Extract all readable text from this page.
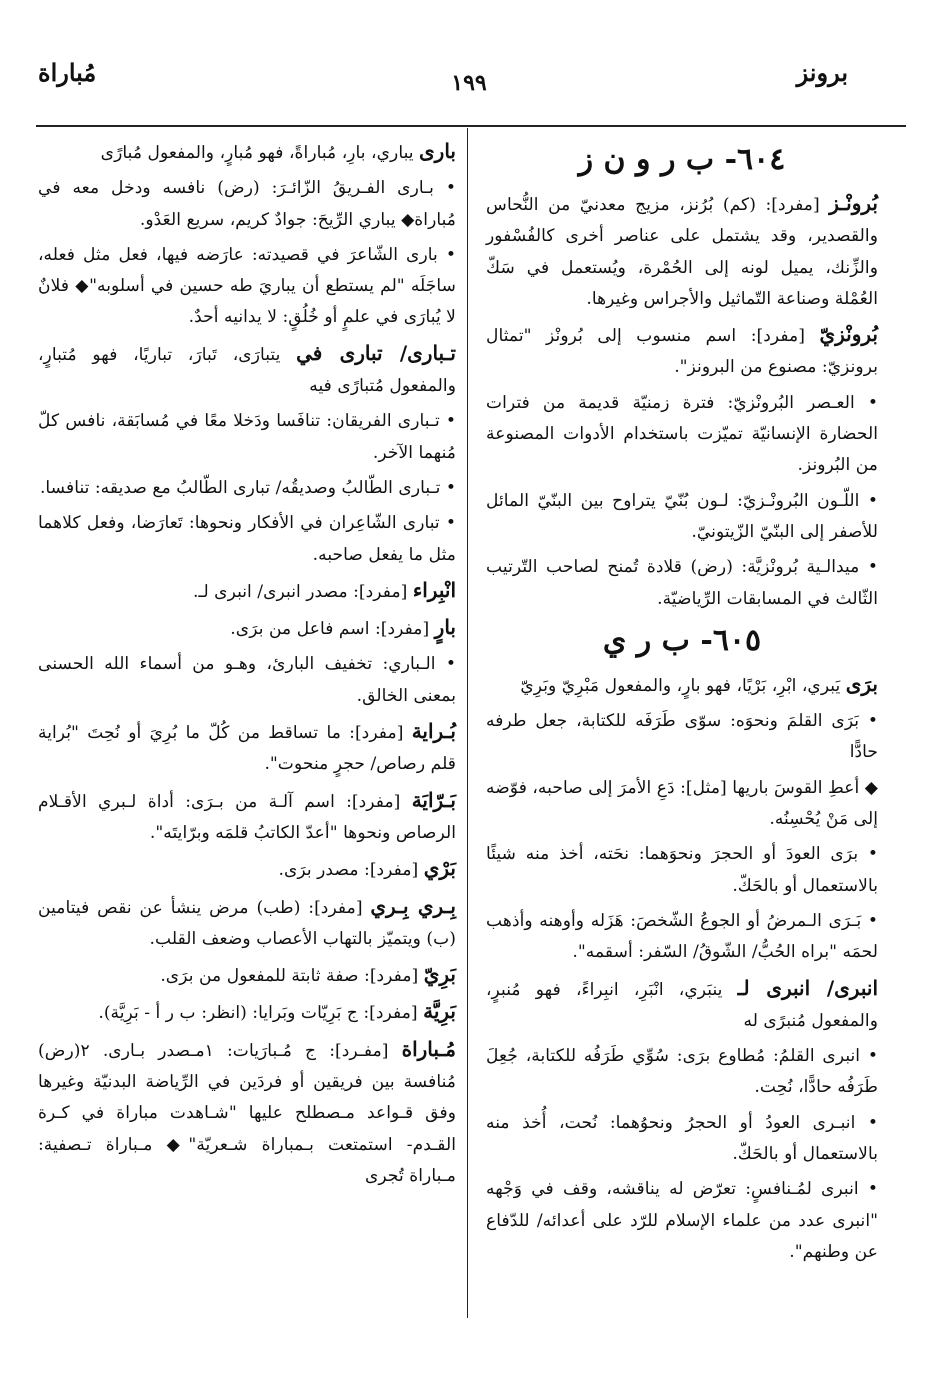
برونز
١٩٩
مُباراة
٦٠٤- ب ر و ن ز
بُرونْـز [مفرد]: (كم) بُرُنز، مزيج معدنيّ من النُّحاس والقصدير، وقد يشتمل على عناصر أخرى كالفُسْفور والزِّنك، يميل لونه إلى الحُمْرة، ويُستعمل في سَكّ العُمْلة وصناعة التّماثيل والأجراس وغيرها.
بُرونْزيّ [مفرد]: اسم منسوب إلى بُرونْز "تمثال برونزيّ: مصنوع من البرونز".
• العـصر البُرونْزيّ: فترة زمنيّة قديمة من فترات الحضارة الإنسانيّة تميّزت باستخدام الأدوات المصنوعة من البُرونز.
• اللّـون البُرونْـزيّ: لـون بُنّيّ يتراوح بين البنّيّ المائل للأصفر إلى البنّيّ الزّيتونيّ.
• ميدالـية بُرونْزيَّة: (رض) قلادة تُمنح لصاحب التّرتيب الثّالث في المسابقات الرِّياضيّة.
٦٠٥- ب ر ي
برَى يَبري، ابْرِ، بَرْيًا، فهو بارٍ، والمفعول مَبْرِيّ وبَرِيّ
• بَرَى القلمَ ونحوَه: سوّى طَرَفَه للكتابة، جعل طرفه حادًّا
◆ أعطِ القوسَ باريها [مثل]: دَعِ الأمرَ إلى صاحبه، فوّضه إلى مَنْ يُحْسِنُه.
• برَى العودَ أو الحجرَ ونحوَهما: نحَته، أخذ منه شيئًا بالاستعمال أو بالحَكّ.
• بَـرَى الـمرضُ أو الجوعُ الشّخصَ: هَزَله وأوهنه وأذهب لحمَه "براه الحُبُّ/ الشّوقُ/ السّفر: أسقمه".
انبرى/ انبرى لـ ينبَري، انْبَرِ، انبِراءً، فهو مُنبرٍ، والمفعول مُنبرًى له
• انبرى القلمُ: مُطاوع برَى: سُوِّي طَرَفُه للكتابة، جُعِلَ طَرَفُه حادًّا، نُحِت.
• انبـرى العودُ أو الحجرُ ونحوُهما: نُحت، أُخذ منه بالاستعمال أو بالحَكّ.
• انبرى لمُـنافسٍ: تعرّض له يناقشه، وقف في وَجْهه "انبرى عدد من علماء الإسلام للرّد على أعدائه/ للدّفاع عن وطنهم".
بارى يباري، بارِ، مُباراةً، فهو مُبارٍ، والمفعول مُبارًى
• بـارى الفـريقُ الزّائـرَ: (رض) نافسه ودخل معه في مُباراة◆ يباري الرِّيحَ: جوادٌ كريم، سريع العَدْو.
• بارى الشّاعرَ في قصيدته: عارَضه فيها، فعل مثل فعله، ساجَلَه "لم يستطع أن يباريَ طه حسين في أسلوبه"◆ فلانٌ لا يُبارَى في علمٍ أو خُلُقٍ: لا يدانيه أحدٌ.
تـبارى/ تبارى في يتبارَى، تَبارَ، تباريًا، فهو مُتبارٍ، والمفعول مُتبارًى فيه
• تـبارى الفريقان: تنافَسا ودَخلا معًا في مُسابَقة، نافس كلّ مُنهما الآخر.
• تـبارى الطّالبُ وصديقُه/ تبارى الطّالبُ مع صديقه: تنافسا.
• تبارى الشّاعِران في الأفكار ونحوها: تَعارَضا، وفعل كلاهما مثل ما يفعل صاحبه.
انْبِراء [مفرد]: مصدر انبرى/ انبرى لـ.
بارٍ [مفرد]: اسم فاعل من برَى.
• الـباري: تخفيف البارئ، وهـو من أسماء الله الحسنى بمعنى الخالق.
بُـراية [مفرد]: ما تساقط من كُلّ ما بُرِيَ أو نُحِتَ "بُراية قلم رصاص/ حجرٍ منحوت".
بَـرّايَة [مفرد]: اسم آلـة من بـرَى: أداة لـبري الأقـلام الرصاص ونحوها "أعدّ الكاتبُ قلمَه وبرّايتَه".
بَرْي [مفرد]: مصدر برَى.
بِـري بِـري [مفرد]: (طب) مرض ينشأ عن نقص فيتامين (ب) ويتميّز بالتهاب الأعصاب وضعف القلب.
بَرِيّ [مفرد]: صفة ثابتة للمفعول من برَى.
بَرِيَّة [مفرد]: ج بَرِيّات وبَرايا: (انظر: ب ر أ - بَرِيَّة).
مُـباراة [مفـرد]: ج مُـبارَيات: ١مـصدر بـارى. ٢(رض) مُنافسة بين فريقين أو فردَين في الرِّياضة البدنيّة وغيرها وفق قـواعد مـصطلح عليها "شـاهدت مباراة في كـرة القـدم- استمتعت بـمباراة شـعريّة"◆ مـباراة تـصفية: مـباراة تُجرى
